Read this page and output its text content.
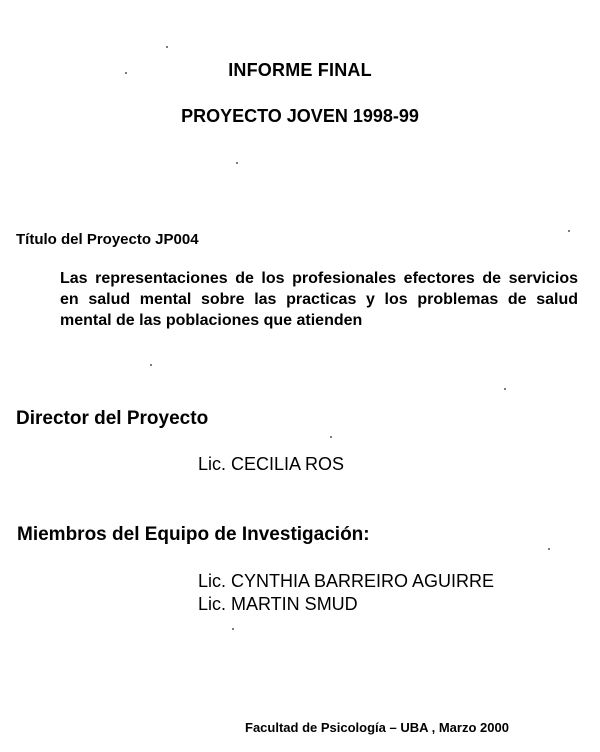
INFORME FINAL
PROYECTO JOVEN 1998-99
Título del Proyecto JP004
Las representaciones de los profesionales efectores de servicios en salud mental sobre las practicas y los problemas de salud mental de las poblaciones que atienden
Director del Proyecto
Lic. CECILIA ROS
Miembros del Equipo de Investigación:
Lic. CYNTHIA BARREIRO AGUIRRE
Lic. MARTIN SMUD
Facultad de Psicología – UBA , Marzo 2000
